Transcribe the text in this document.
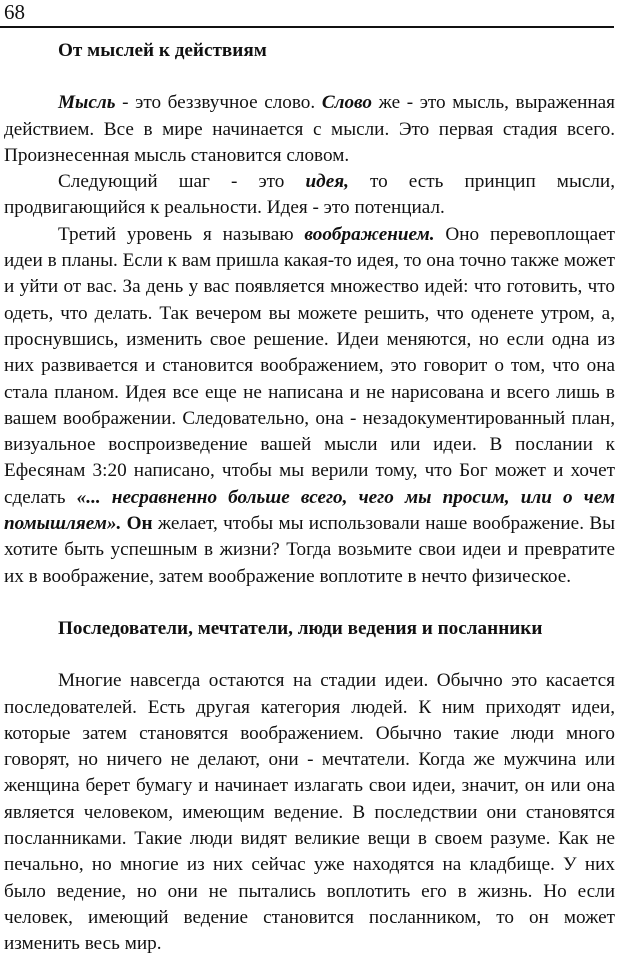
68
От мыслей к действиям

Мысль - это беззвучное слово. Слово же - это мысль, выраженная действием. Все в мире начинается с мысли. Это первая стадия всего. Произнесенная мысль становится словом.

Следующий шаг - это идея, то есть принцип мысли, продвигающийся к реальности. Идея - это потенциал.

Третий уровень я называю воображением. Оно перевоплощает идеи в планы. Если к вам пришла какая-то идея, то она точно также может и уйти от вас. За день у вас появляется множество идей: что готовить, что одеть, что делать. Так вечером вы можете решить, что оденете утром, а, проснувшись, изменить свое решение. Идеи меняются, но если одна из них развивается и становится воображением, это говорит о том, что она стала планом. Идея все еще не написана и не нарисована и всего лишь в вашем воображении. Следовательно, она - незадокументированный план, визуальное воспроизведение вашей мысли или идеи. В послании к Ефесянам 3:20 написано, чтобы мы верили тому, что Бог может и хочет сделать «... несравненно больше всего, чего мы просим, или о чем помышляем». Он желает, чтобы мы использовали наше воображение. Вы хотите быть успешным в жизни? Тогда возьмите свои идеи и превратите их в воображение, затем воображение воплотите в нечто физическое.

Последователи, мечтатели, люди ведения и посланники

Многие навсегда остаются на стадии идеи. Обычно это касается последователей. Есть другая категория людей. К ним приходят идеи, которые затем становятся воображением. Обычно такие люди много говорят, но ничего не делают, они - мечтатели. Когда же мужчина или женщина берет бумагу и начинает излагать свои идеи, значит, он или она является человеком, имеющим ведение. В последствии они становятся посланниками. Такие люди видят великие вещи в своем разуме. Как не печально, но многие из них сейчас уже находятся на кладбище. У них было ведение, но они не пытались воплотить его в жизнь. Но если человек, имеющий ведение становится посланником, то он может изменить весь мир.
